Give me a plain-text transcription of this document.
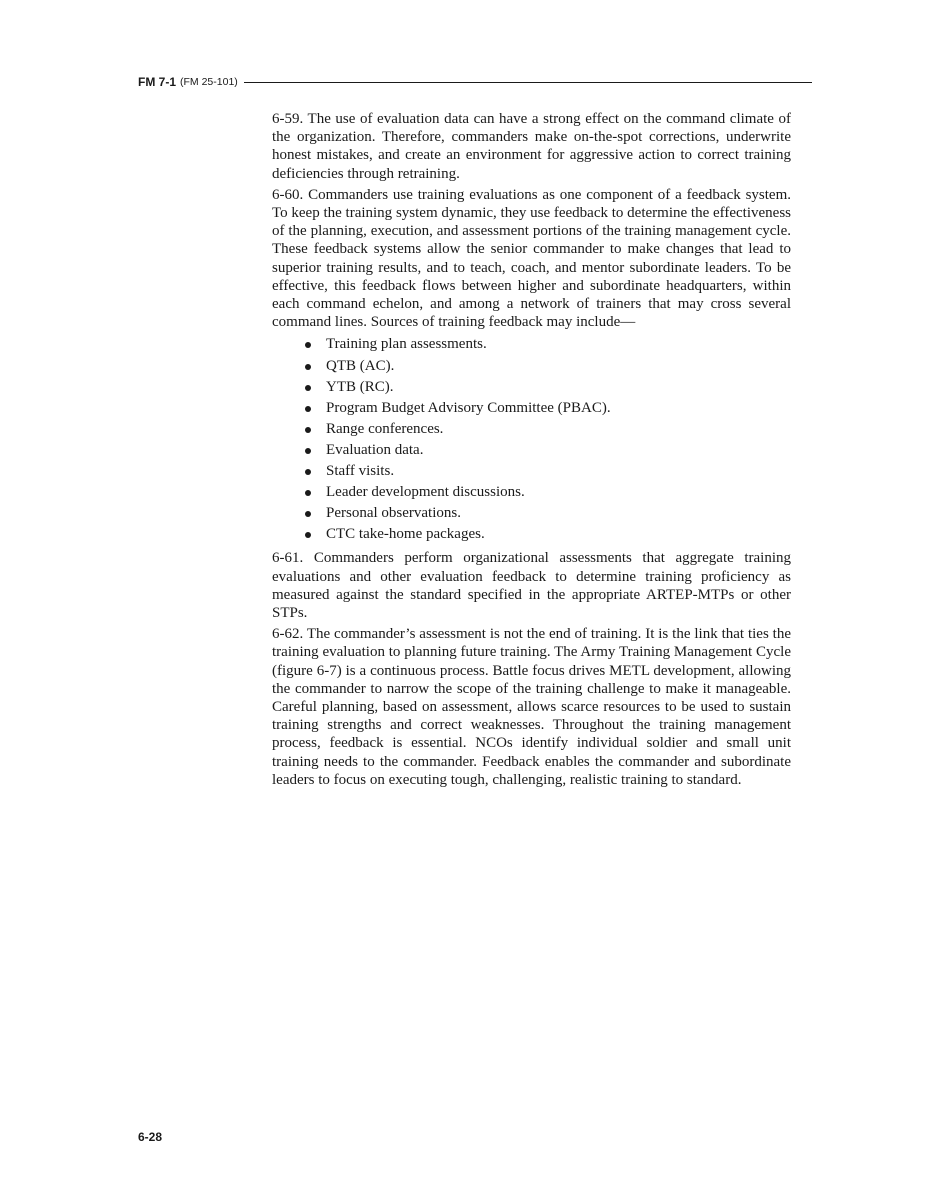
FM 7-1 (FM 25-101)

6-59. The use of evaluation data can have a strong effect on the command climate of the organization. Therefore, commanders make on-the-spot corrections, underwrite honest mistakes, and create an environment for aggressive action to correct training deficiencies through retraining.

6-60. Commanders use training evaluations as one component of a feedback system. To keep the training system dynamic, they use feedback to determine the effectiveness of the planning, execution, and assessment portions of the training management cycle. These feedback systems allow the senior commander to make changes that lead to superior training results, and to teach, coach, and mentor subordinate leaders. To be effective, this feedback flows between higher and subordinate headquarters, within each command echelon, and among a network of trainers that may cross several command lines. Sources of training feedback may include—

Training plan assessments.
QTB (AC).
YTB (RC).
Program Budget Advisory Committee (PBAC).
Range conferences.
Evaluation data.
Staff visits.
Leader development discussions.
Personal observations.
CTC take-home packages.

6-61. Commanders perform organizational assessments that aggregate training evaluations and other evaluation feedback to determine training proficiency as measured against the standard specified in the appropriate ARTEP-MTPs or other STPs.

6-62. The commander’s assessment is not the end of training. It is the link that ties the training evaluation to planning future training. The Army Training Management Cycle (figure 6-7) is a continuous process. Battle focus drives METL development, allowing the commander to narrow the scope of the training challenge to make it manageable. Careful planning, based on assessment, allows scarce resources to be used to sustain training strengths and correct weaknesses. Throughout the training management process, feedback is essential. NCOs identify individual soldier and small unit training needs to the commander. Feedback enables the commander and subordinate leaders to focus on executing tough, challenging, realistic training to standard.

6-28
